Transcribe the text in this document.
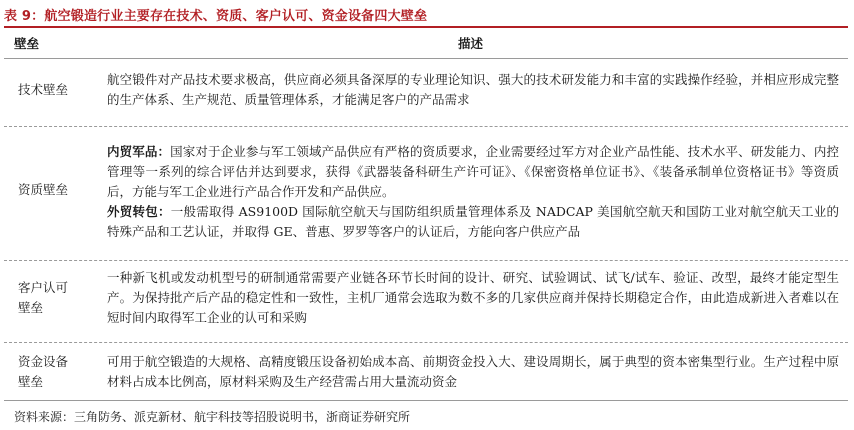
表 9：航空锻造行业主要存在技术、资质、客户认可、资金设备四大壁垒
壁垒	描述
技术壁垒

航空锻件对产品技术要求极高，供应商必须具备深厚的专业理论知识、强大的技术研发能力和丰富的实践操作经验，并相应形成完整的生产体系、生产规范、质量管理体系，才能满足客户的产品需求

资质壁垒

内贸军品：国家对于企业参与军工领域产品供应有严格的资质要求，企业需要经过军方对企业产品性能、技术水平、研发能力、内控管理等一系列的综合评估并达到要求，获得《武器装备科研生产许可证》、《保密资格单位证书》、《装备承制单位资格证书》等资质后，方能与军工企业进行产品合作开发和产品供应。

外贸转包：一般需取得 AS9100D 国际航空航天与国防组织质量管理体系及 NADCAP 美国航空航天和国防工业对航空航天工业的特殊产品和工艺认证，并取得 GE、普惠、罗罗等客户的认证后，方能向客户供应产品

客户认可
壁垒

一种新飞机或发动机型号的研制通常需要产业链各环节长时间的设计、研究、试验调试、试飞/试车、验证、改型，最终才能定型生产。为保持批产后产品的稳定性和一致性，主机厂通常会选取为数不多的几家供应商并保持长期稳定合作，由此造成新进入者难以在短时间内取得军工企业的认可和采购

资金设备
壁垒

可用于航空锻造的大规格、高精度锻压设备初始成本高、前期资金投入大、建设周期长，属于典型的资本密集型行业。生产过程中原材料占成本比例高，原材料采购及生产经营需占用大量流动资金

资料来源：三角防务、派克新材、航宇科技等招股说明书，浙商证券研究所
